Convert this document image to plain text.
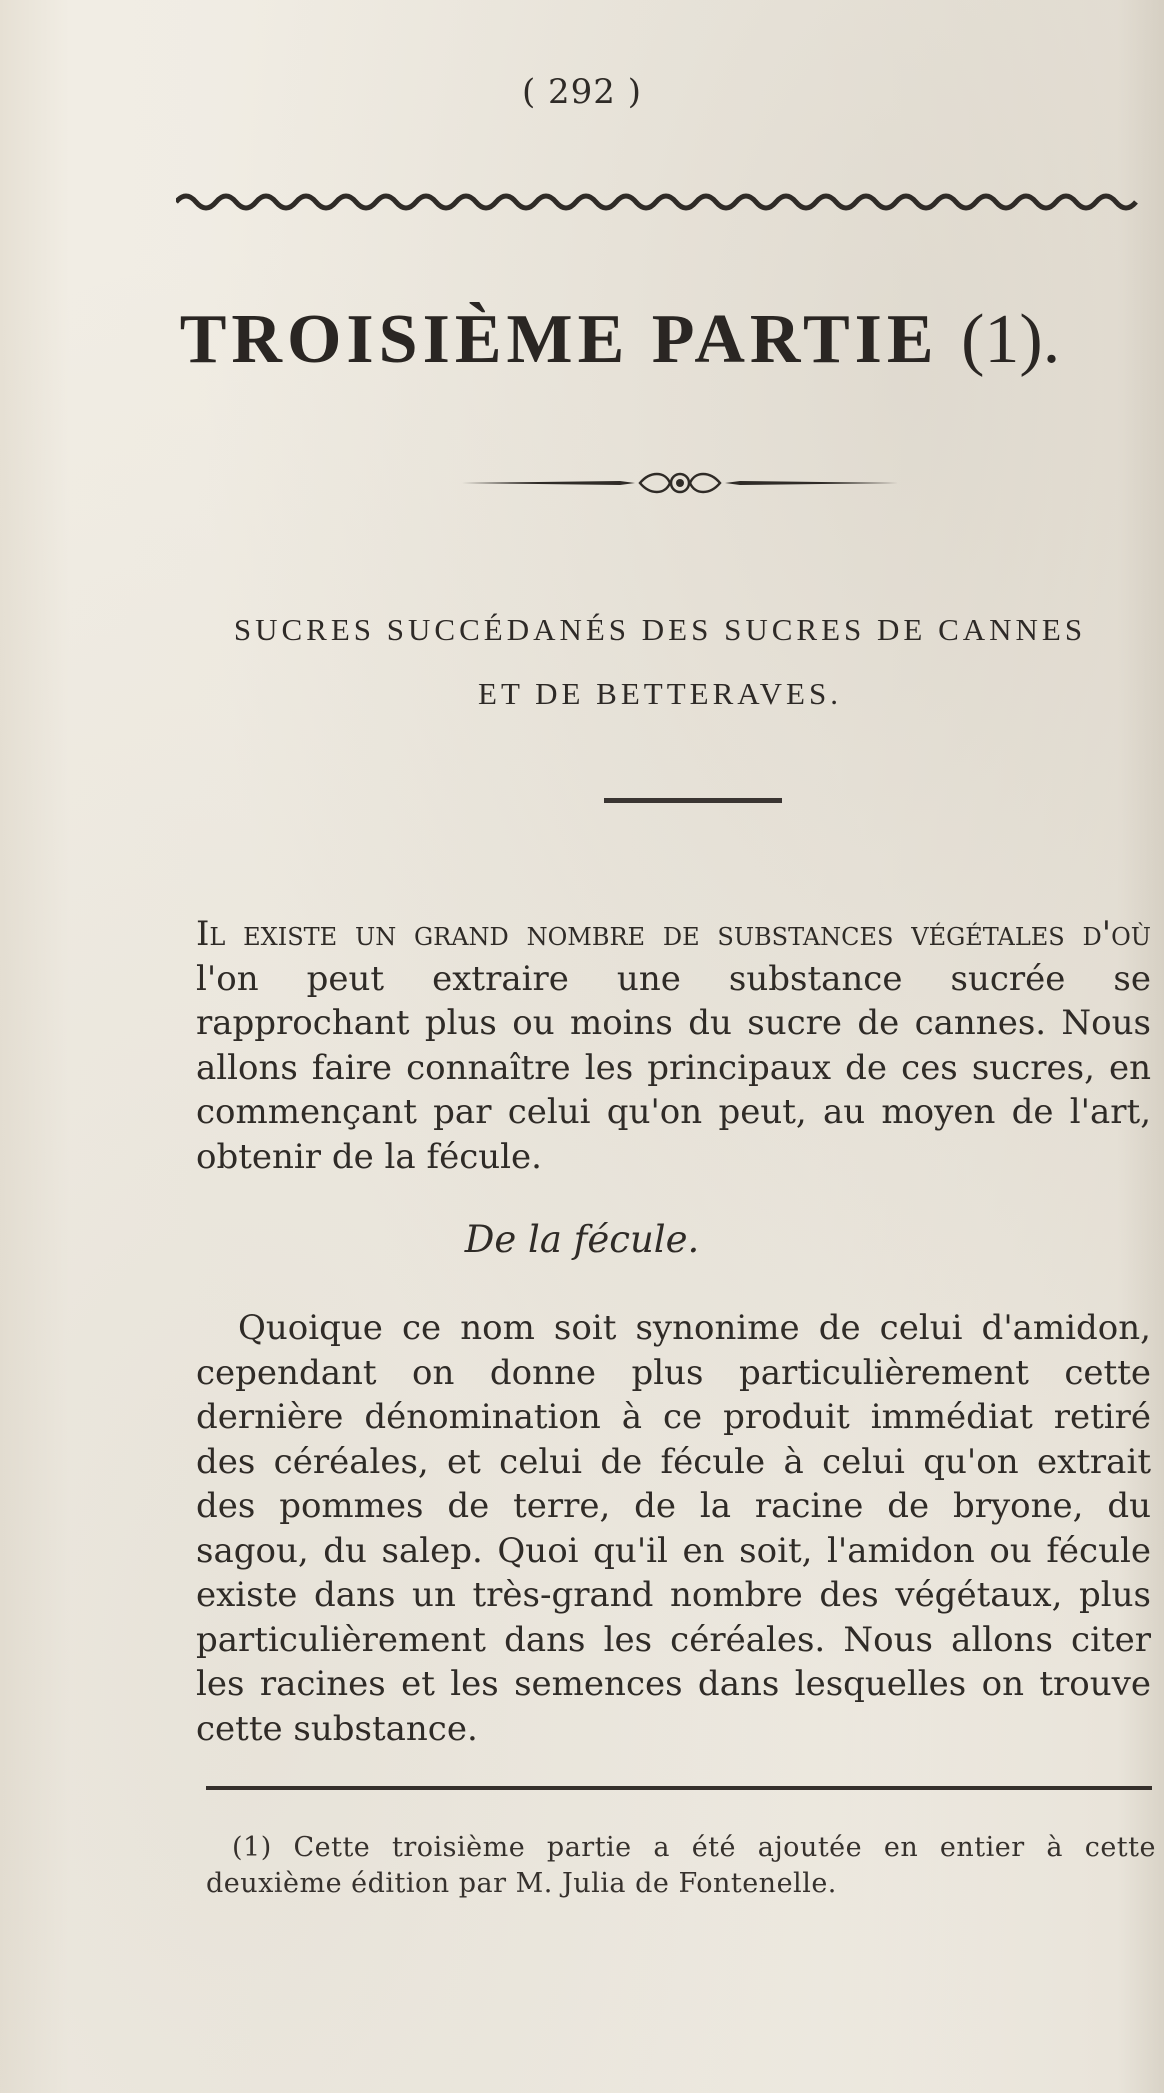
( 292 )
TROISIÈME PARTIE (1).
SUCRES SUCCÉDANÉS DES SUCRES DE CANNES
ET DE BETTERAVES.
Il existe un grand nombre de substances végétales d'où l'on peut extraire une substance sucrée se rapprochant plus ou moins du sucre de cannes. Nous allons faire connaître les principaux de ces sucres, en commençant par celui qu'on peut, au moyen de l'art, obtenir de la fécule.
De la fécule.
Quoique ce nom soit synonime de celui d'amidon, cependant on donne plus particulièrement cette dernière dénomination à ce produit immédiat retiré des céréales, et celui de fécule à celui qu'on extrait des pommes de terre, de la racine de bryone, du sagou, du salep. Quoi qu'il en soit, l'amidon ou fécule existe dans un très-grand nombre des végétaux, plus particulièrement dans les céréales. Nous allons citer les racines et les semences dans lesquelles on trouve cette substance.
(1) Cette troisième partie a été ajoutée en entier à cette deuxième édition par M. Julia de Fontenelle.
